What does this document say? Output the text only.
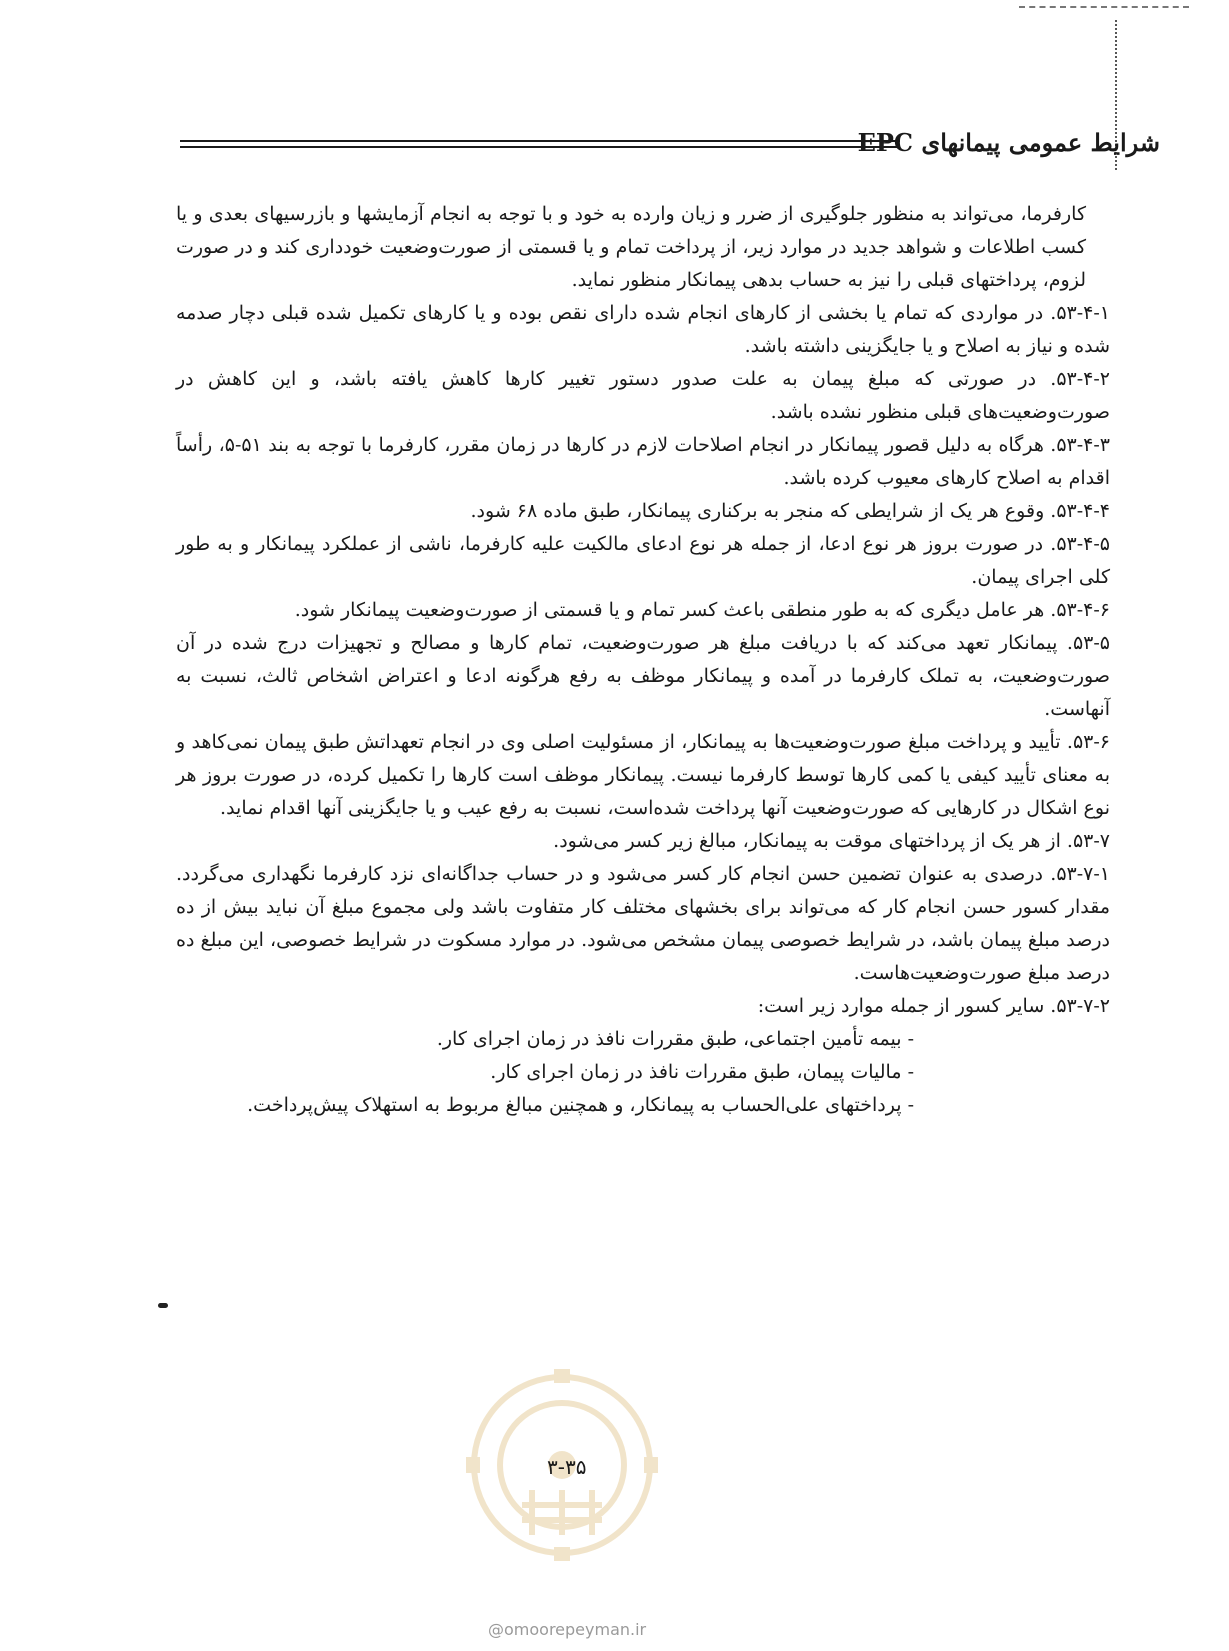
شرایط عمومی پیمانهای EPC

کارفرما، می‌تواند به منظور جلوگیری از ضرر و زیان وارده به خود و با توجه به انجام آزمایشها و بازرسیهای بعدی و یا کسب اطلاعات و شواهد جدید در موارد زیر، از پرداخت تمام و یا قسمتی از صورت‌وضعیت خودداری کند و در صورت لزوم، پرداختهای قبلی را نیز به حساب بدهی پیمانکار منظور نماید.

۵۳-۴-۱. در مواردی که تمام یا بخشی از کارهای انجام شده دارای نقص بوده و یا کارهای تکمیل شده قبلی دچار صدمه شده و نیاز به اصلاح و یا جایگزینی داشته باشد.

۵۳-۴-۲. در صورتی که مبلغ پیمان به علت صدور دستور تغییر کارها کاهش یافته باشد، و این کاهش در صورت‌وضعیت‌های قبلی منظور نشده باشد.

۵۳-۴-۳. هرگاه به دلیل قصور پیمانکار در انجام اصلاحات لازم در کارها در زمان مقرر، کارفرما با توجه به بند ۵۱-۵، رأساً اقدام به اصلاح کارهای معیوب کرده باشد.

۵۳-۴-۴. وقوع هر یک از شرایطی که منجر به برکناری پیمانکار، طبق ماده ۶۸ شود.

۵۳-۴-۵. در صورت بروز هر نوع ادعا، از جمله هر نوع ادعای مالکیت علیه کارفرما، ناشی از عملکرد پیمانکار و به طور کلی اجرای پیمان.

۵۳-۴-۶. هر عامل دیگری که به طور منطقی باعث کسر تمام و یا قسمتی از صورت‌وضعیت پیمانکار شود.

۵۳-۵. پیمانکار تعهد می‌کند که با دریافت مبلغ هر صورت‌وضعیت، تمام کارها و مصالح و تجهیزات درج شده در آن صورت‌وضعیت، به تملک کارفرما در آمده و پیمانکار موظف به رفع هرگونه ادعا و اعتراض اشخاص ثالث، نسبت به آنهاست.

۵۳-۶. تأیید و پرداخت مبلغ صورت‌وضعیت‌ها به پیمانکار، از مسئولیت اصلی وی در انجام تعهداتش طبق پیمان نمی‌کاهد و به معنای تأیید کیفی یا کمی کارها توسط کارفرما نیست. پیمانکار موظف است کارها را تکمیل کرده، در صورت بروز هر نوع اشکال در کارهایی که صورت‌وضعیت آنها پرداخت شده‌است، نسبت به رفع عیب و یا جایگزینی آنها اقدام نماید.

۵۳-۷. از هر یک از پرداختهای موقت به پیمانکار، مبالغ زیر کسر می‌شود.

۵۳-۷-۱. درصدی به عنوان تضمین حسن انجام کار کسر می‌شود و در حساب جداگانه‌ای نزد کارفرما نگهداری می‌گردد. مقدار کسور حسن انجام کار که می‌تواند برای بخشهای مختلف کار متفاوت باشد ولی مجموع مبلغ آن نباید بیش از ده درصد مبلغ پیمان باشد، در شرایط خصوصی پیمان مشخص می‌شود. در موارد مسکوت در شرایط خصوصی، این مبلغ ده درصد مبلغ صورت‌وضعیت‌هاست.

۵۳-۷-۲. سایر کسور از جمله موارد زیر است:

- بیمه تأمین اجتماعی، طبق مقررات نافذ در زمان اجرای کار.

- مالیات پیمان، طبق مقررات نافذ در زمان اجرای کار.

- پرداختهای علی‌الحساب به پیمانکار، و همچنین مبالغ مربوط به استهلاک پیش‌پرداخت.

۳-۳۵
@omoorepeyman.ir
